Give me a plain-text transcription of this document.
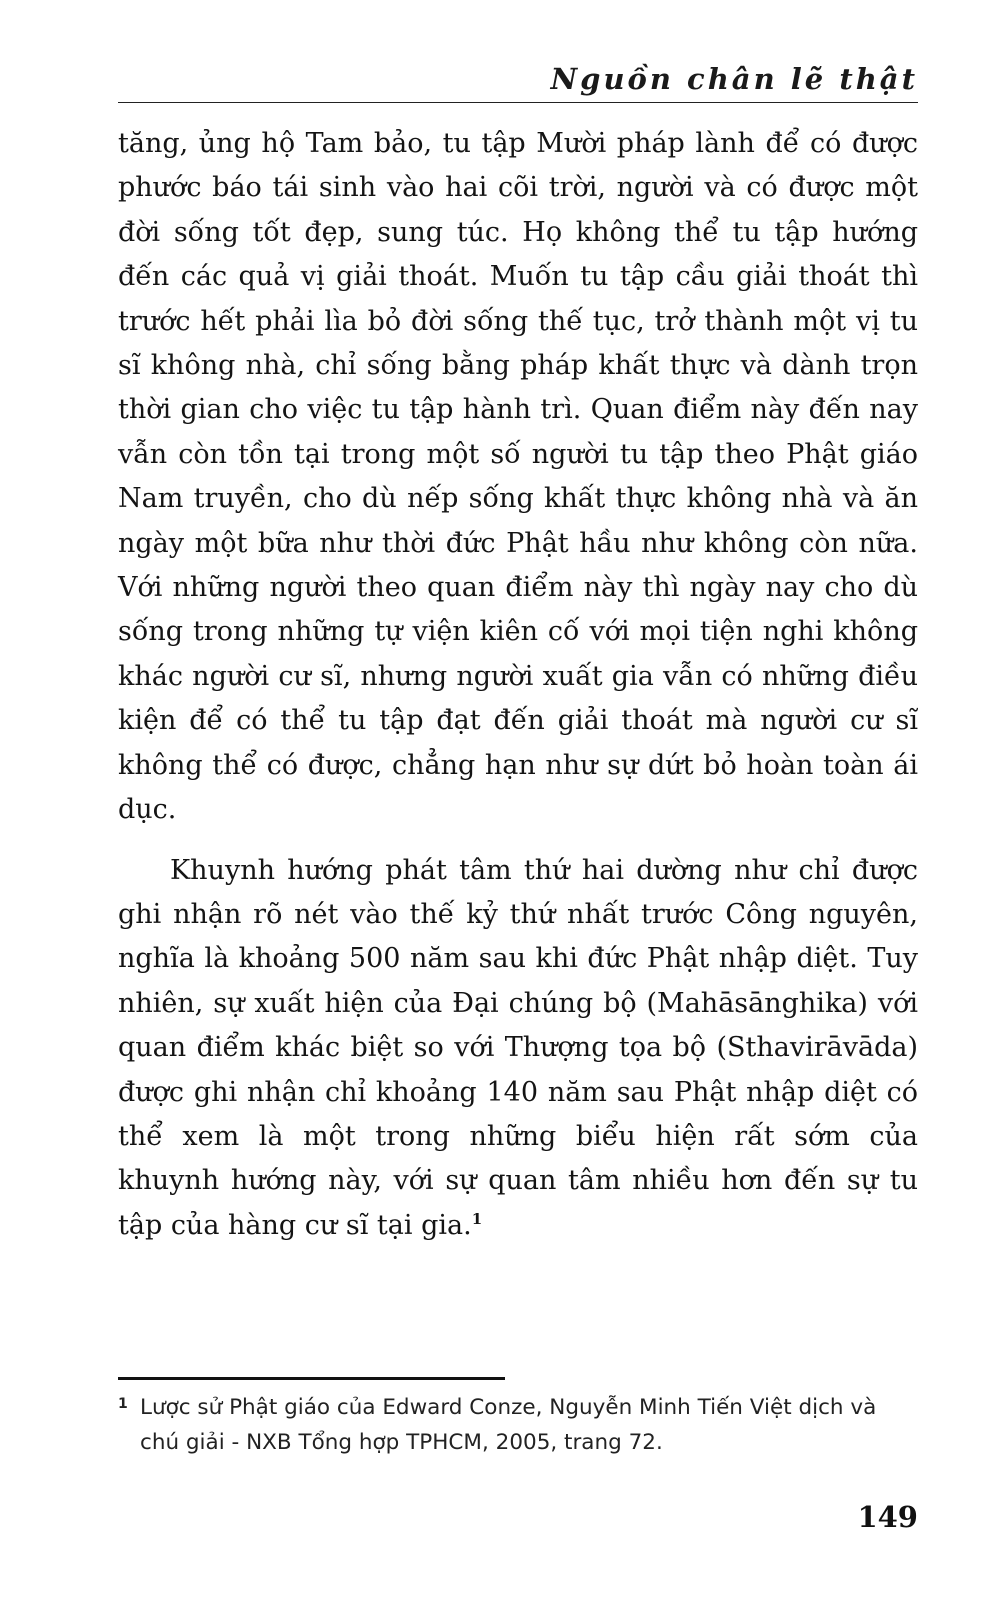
Nguồn chân lẽ thật

tăng, ủng hộ Tam bảo, tu tập Mười pháp lành để có được phước báo tái sinh vào hai cõi trời, người và có được một đời sống tốt đẹp, sung túc. Họ không thể tu tập hướng đến các quả vị giải thoát. Muốn tu tập cầu giải thoát thì trước hết phải lìa bỏ đời sống thế tục, trở thành một vị tu sĩ không nhà, chỉ sống bằng pháp khất thực và dành trọn thời gian cho việc tu tập hành trì. Quan điểm này đến nay vẫn còn tồn tại trong một số người tu tập theo Phật giáo Nam truyền, cho dù nếp sống khất thực không nhà và ăn ngày một bữa như thời đức Phật hầu như không còn nữa. Với những người theo quan điểm này thì ngày nay cho dù sống trong những tự viện kiên cố với mọi tiện nghi không khác người cư sĩ, nhưng người xuất gia vẫn có những điều kiện để có thể tu tập đạt đến giải thoát mà người cư sĩ không thể có được, chẳng hạn như sự dứt bỏ hoàn toàn ái dục.

Khuynh hướng phát tâm thứ hai dường như chỉ được ghi nhận rõ nét vào thế kỷ thứ nhất trước Công nguyên, nghĩa là khoảng 500 năm sau khi đức Phật nhập diệt. Tuy nhiên, sự xuất hiện của Đại chúng bộ (Mahāsānghika) với quan điểm khác biệt so với Thượng tọa bộ (Sthavirāvāda) được ghi nhận chỉ khoảng 140 năm sau Phật nhập diệt có thể xem là một trong những biểu hiện rất sớm của khuynh hướng này, với sự quan tâm nhiều hơn đến sự tu tập của hàng cư sĩ tại gia.$^1$

1 Lược sử Phật giáo của Edward Conze, Nguyễn Minh Tiến Việt dịch và chú giải - NXB Tổng hợp TPHCM, 2005, trang 72.
149
